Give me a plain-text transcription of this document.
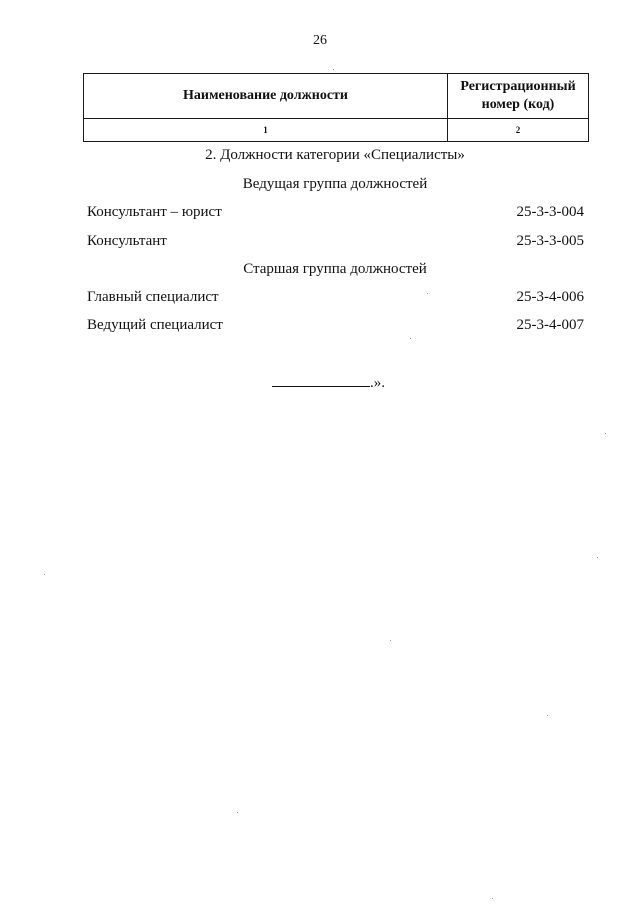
26
Наименование должности	Регистрационный
номер (код)
1	2
2. Должности категории «Специалисты»
Ведущая группа должностей
Консультант – юрист	25-3-3-004
Консультант	25-3-3-005
Старшая группа должностей
Главный специалист	25-3-4-006
Ведущий специалист	25-3-4-007
.».
